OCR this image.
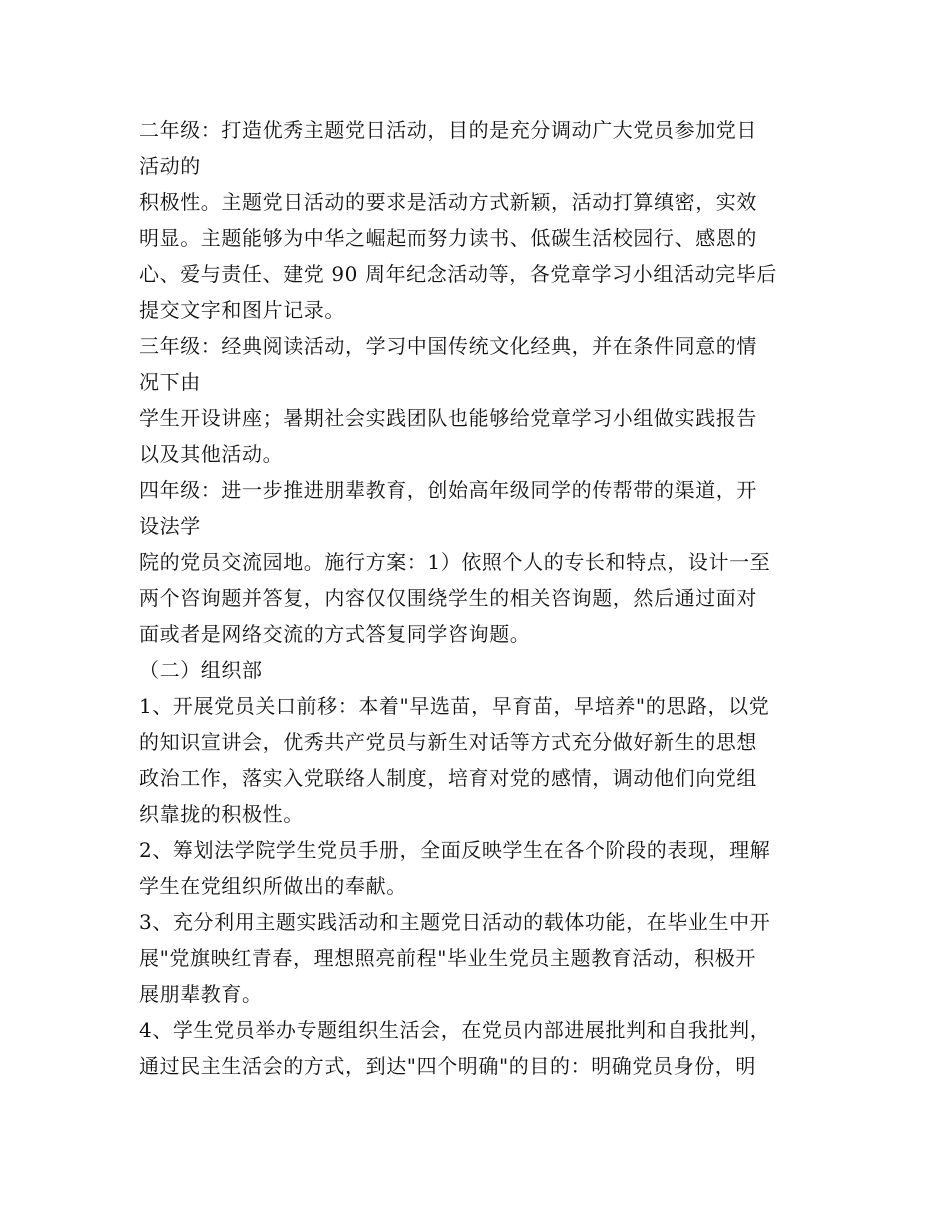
二年级：打造优秀主题党日活动，目的是充分调动广大党员参加党日
活动的
积极性。主题党日活动的要求是活动方式新颖，活动打算缜密，实效
明显。主题能够为中华之崛起而努力读书、低碳生活校园行、感恩的
心、爱与责任、建党 90 周年纪念活动等，各党章学习小组活动完毕后
提交文字和图片记录。
三年级：经典阅读活动，学习中国传统文化经典，并在条件同意的情
况下由
学生开设讲座；暑期社会实践团队也能够给党章学习小组做实践报告
以及其他活动。
四年级：进一步推进朋辈教育，创始高年级同学的传帮带的渠道，开
设法学
院的党员交流园地。施行方案：1）依照个人的专长和特点，设计一至
两个咨询题并答复，内容仅仅围绕学生的相关咨询题，然后通过面对
面或者是网络交流的方式答复同学咨询题。
（二）组织部
1、开展党员关口前移：本着"早选苗，早育苗，早培养"的思路，以党
的知识宣讲会，优秀共产党员与新生对话等方式充分做好新生的思想
政治工作，落实入党联络人制度，培育对党的感情，调动他们向党组
织靠拢的积极性。
2、筹划法学院学生党员手册，全面反映学生在各个阶段的表现，理解
学生在党组织所做出的奉献。
3、充分利用主题实践活动和主题党日活动的载体功能，在毕业生中开
展"党旗映红青春，理想照亮前程"毕业生党员主题教育活动，积极开
展朋辈教育。
4、学生党员举办专题组织生活会，在党员内部进展批判和自我批判，
通过民主生活会的方式，到达"四个明确"的目的：明确党员身份，明
